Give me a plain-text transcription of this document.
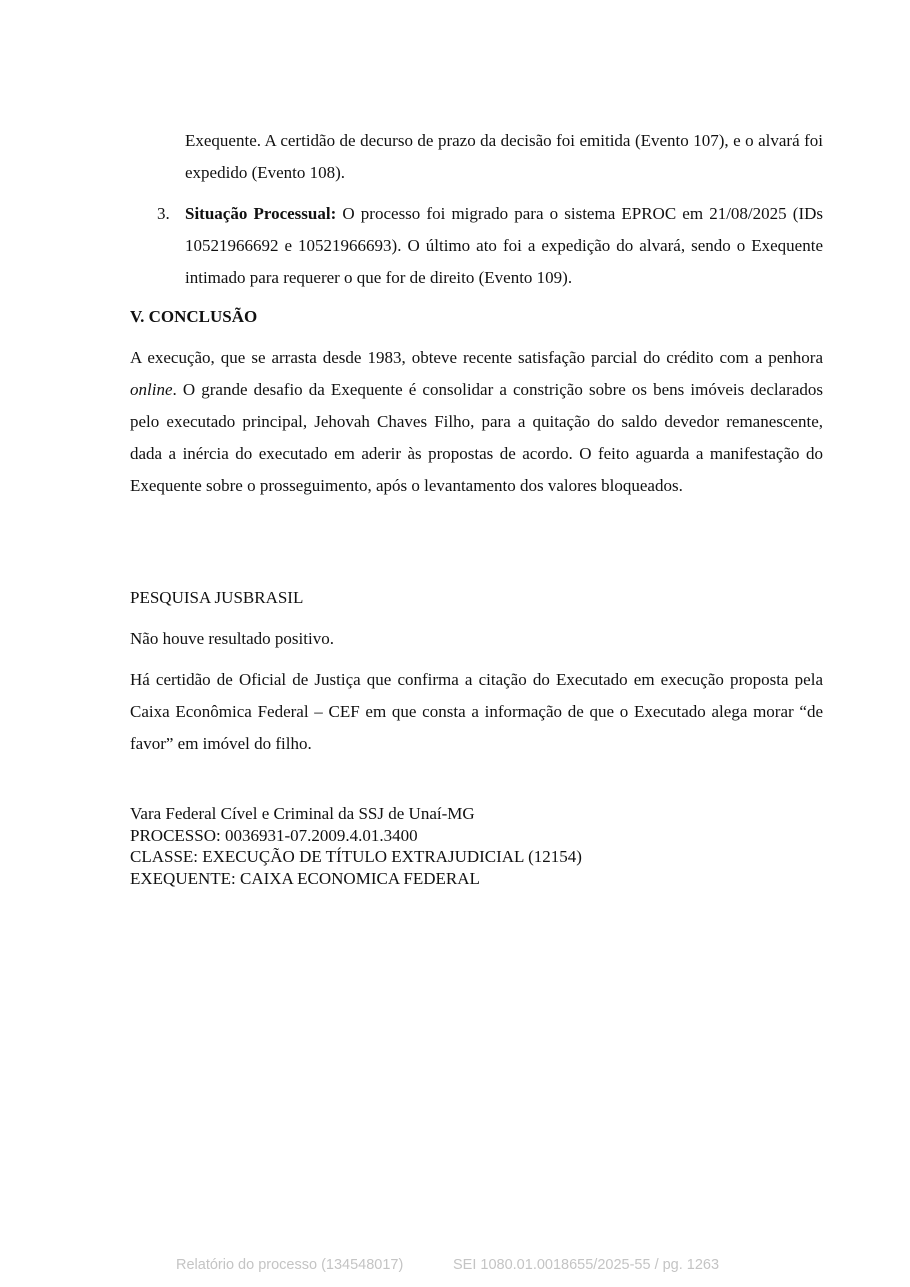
Exequente. A certidão de decurso de prazo da decisão foi emitida (Evento 107), e o alvará foi expedido (Evento 108).

3. Situação Processual: O processo foi migrado para o sistema EPROC em 21/08/2025 (IDs 10521966692 e 10521966693). O último ato foi a expedição do alvará, sendo o Exequente intimado para requerer o que for de direito (Evento 109).

V. CONCLUSÃO

A execução, que se arrasta desde 1983, obteve recente satisfação parcial do crédito com a penhora online. O grande desafio da Exequente é consolidar a constrição sobre os bens imóveis declarados pelo executado principal, Jehovah Chaves Filho, para a quitação do saldo devedor remanescente, dada a inércia do executado em aderir às propostas de acordo. O feito aguarda a manifestação do Exequente sobre o prosseguimento, após o levantamento dos valores bloqueados.

PESQUISA JUSBRASIL

Não houve resultado positivo.

Há certidão de Oficial de Justiça que confirma a citação do Executado em execução proposta pela Caixa Econômica Federal – CEF em que consta a informação de que o Executado alega morar “de favor” em imóvel do filho.

Vara Federal Cível e Criminal da SSJ de Unaí-MG
PROCESSO: 0036931-07.2009.4.01.3400
CLASSE: EXECUÇÃO DE TÍTULO EXTRAJUDICIAL (12154)
EXEQUENTE: CAIXA ECONOMICA FEDERAL
Relatório do processo (134548017)	SEI 1080.01.0018655/2025-55 / pg. 1263
